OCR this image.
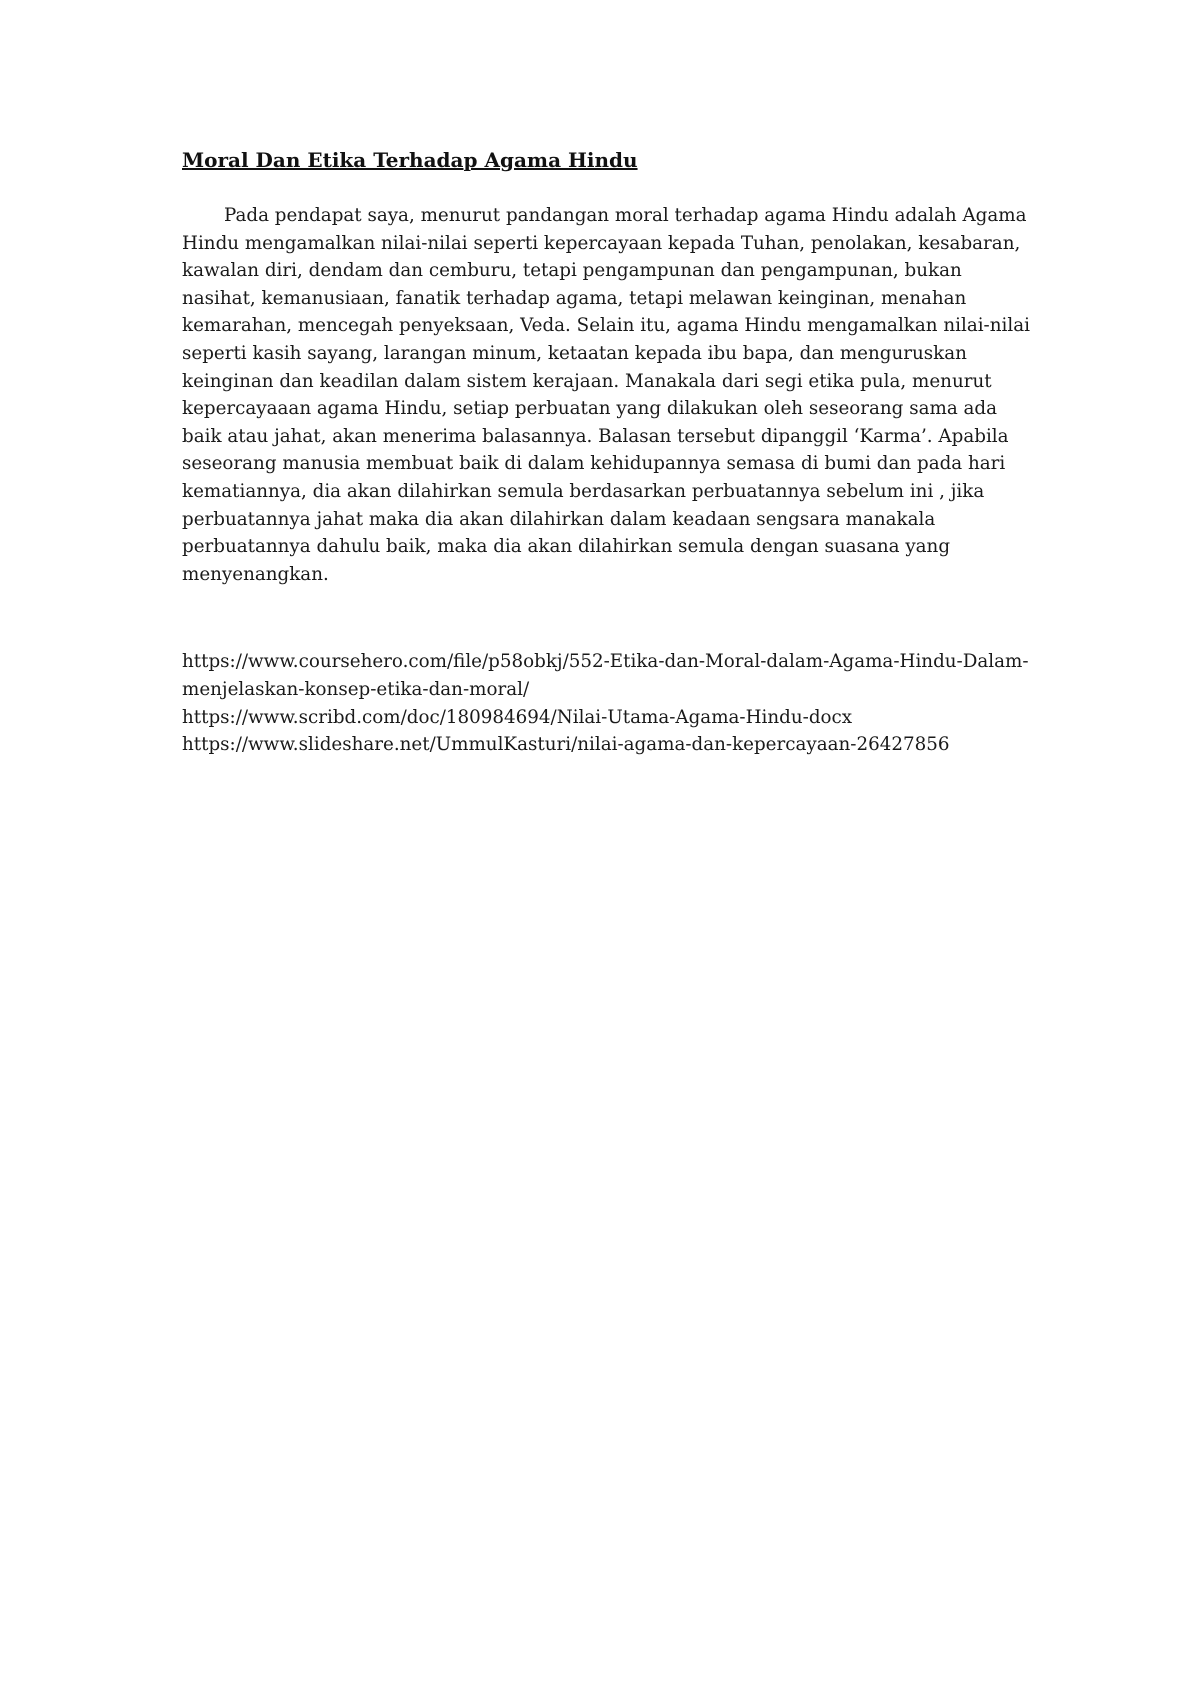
Moral Dan Etika Terhadap Agama Hindu

Pada pendapat saya, menurut pandangan moral terhadap agama Hindu adalah Agama Hindu mengamalkan nilai-nilai seperti kepercayaan kepada Tuhan, penolakan, kesabaran, kawalan diri, dendam dan cemburu, tetapi pengampunan dan pengampunan, bukan nasihat, kemanusiaan, fanatik terhadap agama, tetapi melawan keinginan, menahan kemarahan, mencegah penyeksaan, Veda. Selain itu, agama Hindu mengamalkan nilai-nilai seperti kasih sayang, larangan minum, ketaatan kepada ibu bapa, dan menguruskan keinginan dan keadilan dalam sistem kerajaan. Manakala dari segi etika pula, menurut kepercayaaan agama Hindu, setiap perbuatan yang dilakukan oleh seseorang sama ada baik atau jahat, akan menerima balasannya. Balasan tersebut dipanggil ‘Karma’. Apabila seseorang manusia membuat baik di dalam kehidupannya semasa di bumi dan pada hari kematiannya, dia akan dilahirkan semula berdasarkan perbuatannya sebelum ini , jika perbuatannya jahat maka dia akan dilahirkan dalam keadaan sengsara manakala perbuatannya dahulu baik, maka dia akan dilahirkan semula dengan suasana yang menyenangkan.

https://www.coursehero.com/file/p58obkj/552-Etika-dan-Moral-dalam-Agama-Hindu-Dalam-menjelaskan-konsep-etika-dan-moral/
https://www.scribd.com/doc/180984694/Nilai-Utama-Agama-Hindu-docx
https://www.slideshare.net/UmmulKasturi/nilai-agama-dan-kepercayaan-26427856
